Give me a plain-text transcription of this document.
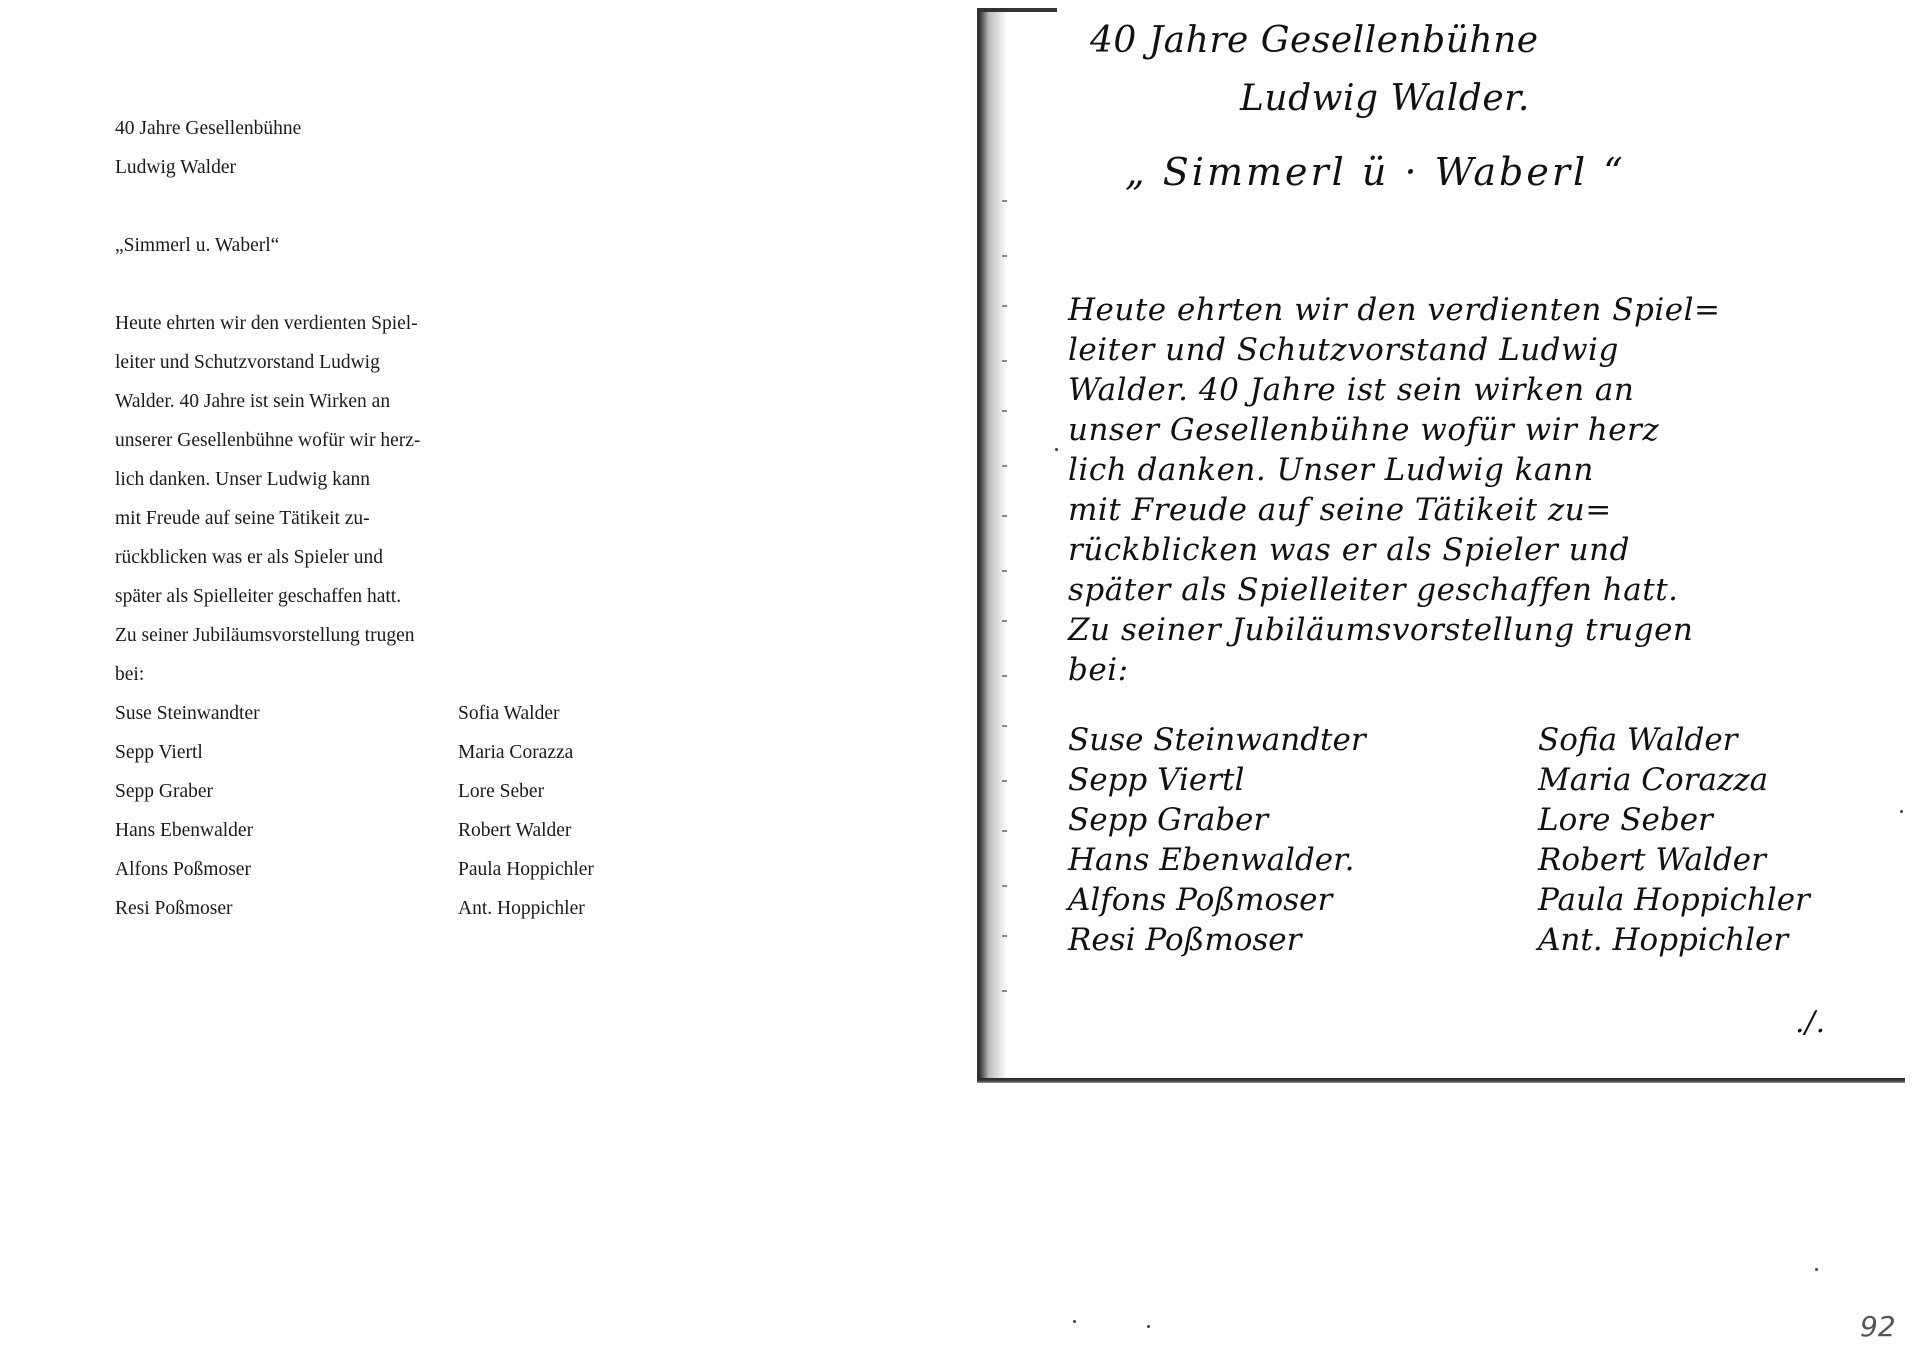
40 Jahre Gesellenbühne
Ludwig Walder
„Simmerl u. Waberl“
Heute ehrten wir den verdienten Spiel-
leiter und Schutzvorstand Ludwig
Walder. 40 Jahre ist sein Wirken an
unserer Gesellenbühne wofür wir herz-
lich danken. Unser Ludwig kann
mit Freude auf seine Tätikeit zu-
rückblicken was er als Spieler und
später als Spielleiter geschaffen hatt.
Zu seiner Jubiläumsvorstellung trugen
bei:
Suse Steinwandter	Sofia Walder
Sepp Viertl	Maria Corazza
Sepp Graber	Lore Seber
Hans Ebenwalder	Robert Walder
Alfons Poßmoser	Paula Hoppichler
Resi Poßmoser	Ant. Hoppichler
40 Jahre Gesellenbühne
Ludwig Walder.
„ Simmerl ü · Waberl “
Heute ehrten wir den verdienten Spiel=
leiter und Schutzvorstand Ludwig
Walder. 40 Jahre ist sein wirken an
unser Gesellenbühne wofür wir herz
lich danken. Unser Ludwig kann
mit Freude auf seine Tätikeit zu=
rückblicken was er als Spieler und
später als Spielleiter geschaffen hatt.
Zu seiner Jubiläumsvorstellung trugen
bei:
Suse Steinwandter	Sofia Walder
Sepp Viertl	Maria Corazza
Sepp Graber	Lore Seber
Hans Ebenwalder.	Robert Walder
Alfons Poßmoser	Paula Hoppichler
Resi Poßmoser	Ant. Hoppichler
./.
92
